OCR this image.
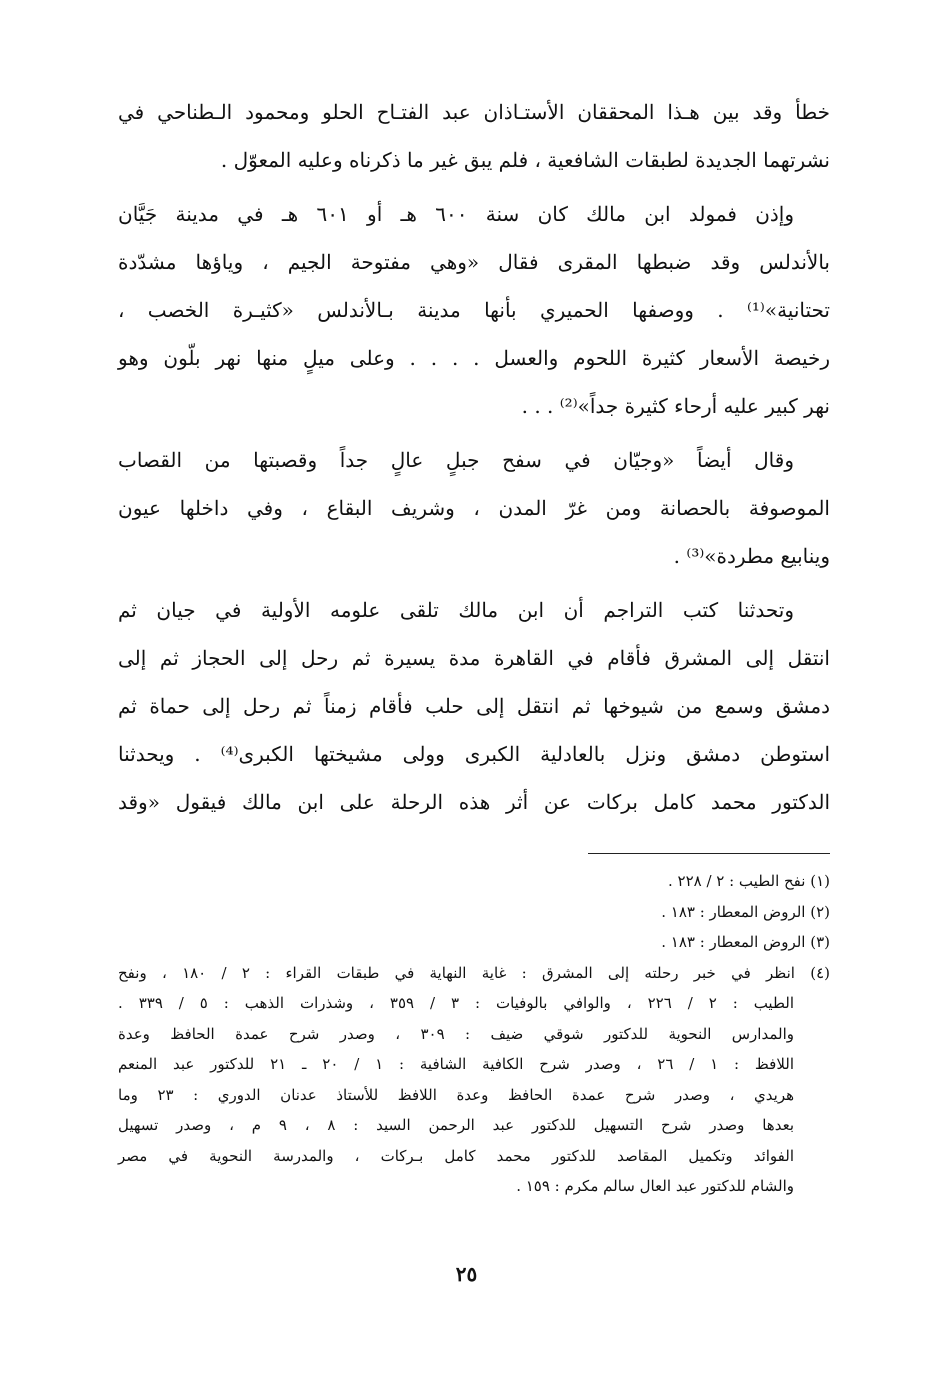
خطأ وقد بين هـذا المحققان الأستـاذان عبد الفتـاح الحلو ومحمود الـطناحي في
نشرتهما الجديدة لطبقات الشافعية ، فلم يبق غير ما ذكرناه وعليه المعوّل .
وإذن فمولد ابن مالك كان سنة ٦٠٠ هـ أو ٦٠١ هـ في مدينة جَيَّان
بالأندلس وقد ضبطها المقرى فقال «وهي مفتوحة الجيم ، وياؤها مشدّدة
تحتانية»⁽¹⁾ . ووصفها الحميري بأنها مدينة بـالأندلس «كثيـرة الخصب ،
رخيصة الأسعار كثيرة اللحوم والعسل . . . . وعلى ميلٍ منها نهر بلّون وهو
نهر كبير عليه أرحاء كثيرة جداً»⁽²⁾ . . .
وقال أيضاً «وجيّان في سفح جبلٍ عالٍ جداً وقصبتها من القصاب
الموصوفة بالحصانة ومن غرّ المدن ، وشريف البقاع ، وفي داخلها عيون
وينابيع مطردة»⁽³⁾ .
وتحدثنا كتب التراجم أن ابن مالك تلقى علومه الأولية في جيان ثم
انتقل إلى المشرق فأقام في القاهرة مدة يسيرة ثم رحل إلى الحجاز ثم إلى
دمشق وسمع من شيوخها ثم انتقل إلى حلب فأقام زمناً ثم رحل إلى حماة ثم
استوطن دمشق ونزل بالعادلية الكبرى وولى مشيختها الكبرى⁽⁴⁾ . ويحدثنا
الدكتور محمد كامل بركات عن أثر هذه الرحلة على ابن مالك فيقول «وقد
(١) نفح الطيب : ٢ / ٢٢٨ .
(٢) الروض المعطار : ١٨٣ .
(٣) الروض المعطار : ١٨٣ .
(٤) انظر في خبر رحلته إلى المشرق : غاية النهاية في طبقات القراء : ٢ / ١٨٠ ، ونفح
الطيب : ٢ / ٢٢٦ ، والوافي بالوفيات : ٣ / ٣٥٩ ، وشذرات الذهب : ٥ / ٣٣٩ .
والمدارس النحوية للدكتور شوقي ضيف : ٣٠٩ ، وصدر شرح عمدة الحافظ وعدة
اللافظ : ١ / ٢٦ ، وصدر شرح الكافية الشافية : ١ / ٢٠ ـ ٢١ للدكتور عبد المنعم
هريدي ، وصدر شرح عمدة الحافظ وعدة اللافظ للأستاذ عدنان الدوري : ٢٣ وما
بعدها وصدر شرح التسهيل للدكتور عبد الرحمن السيد : ٨ ، ٩ م ، وصدر تسهيل
الفوائد وتكميل المقاصد للدكتور محمد كامل بـركات ، والمدرسة النحوية في مصر
والشام للدكتور عبد العال سالم مكرم : ١٥٩ .
٢٥
